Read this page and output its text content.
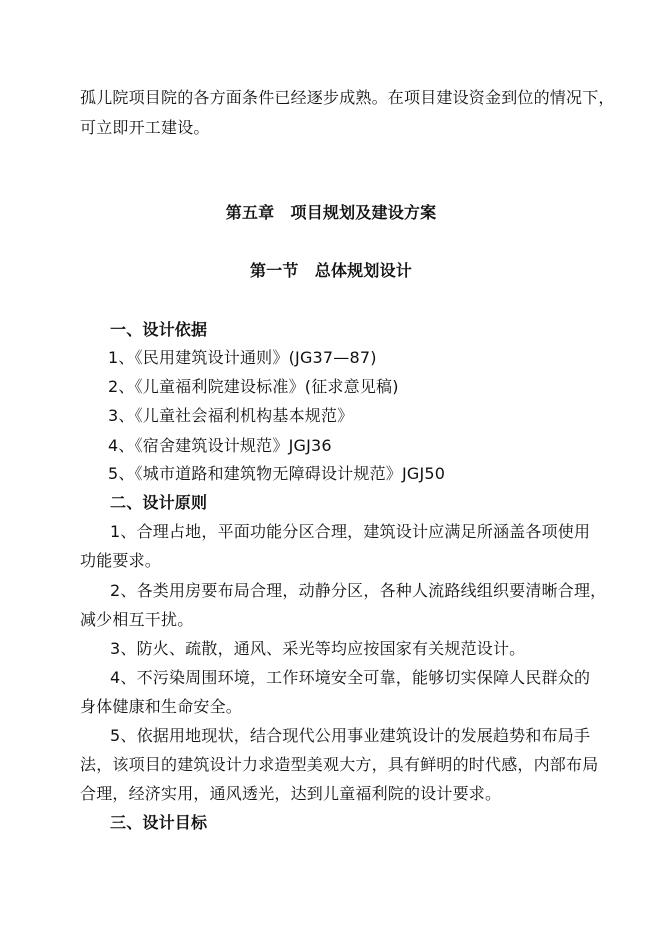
孤儿院项目院的各方面条件已经逐步成熟。在项目建设资金到位的情况下，
可立即开工建设。
第五章　项目规划及建设方案
第一节　总体规划设计
一、设计依据
1、《民用建筑设计通则》(JG37—87)
2、《儿童福利院建设标准》(征求意见稿)
3、《儿童社会福利机构基本规范》
4、《宿舍建筑设计规范》JGJ36
5、《城市道路和建筑物无障碍设计规范》JGJ50
二、设计原则
1、合理占地，平面功能分区合理，建筑设计应满足所涵盖各项使用
功能要求。
2、各类用房要布局合理，动静分区，各种人流路线组织要清晰合理，
减少相互干扰。
3、防火、疏散，通风、采光等均应按国家有关规范设计。
4、不污染周围环境，工作环境安全可靠，能够切实保障人民群众的
身体健康和生命安全。
5、依据用地现状，结合现代公用事业建筑设计的发展趋势和布局手
法，该项目的建筑设计力求造型美观大方，具有鲜明的时代感，内部布局
合理，经济实用，通风透光，达到儿童福利院的设计要求。
三、设计目标
